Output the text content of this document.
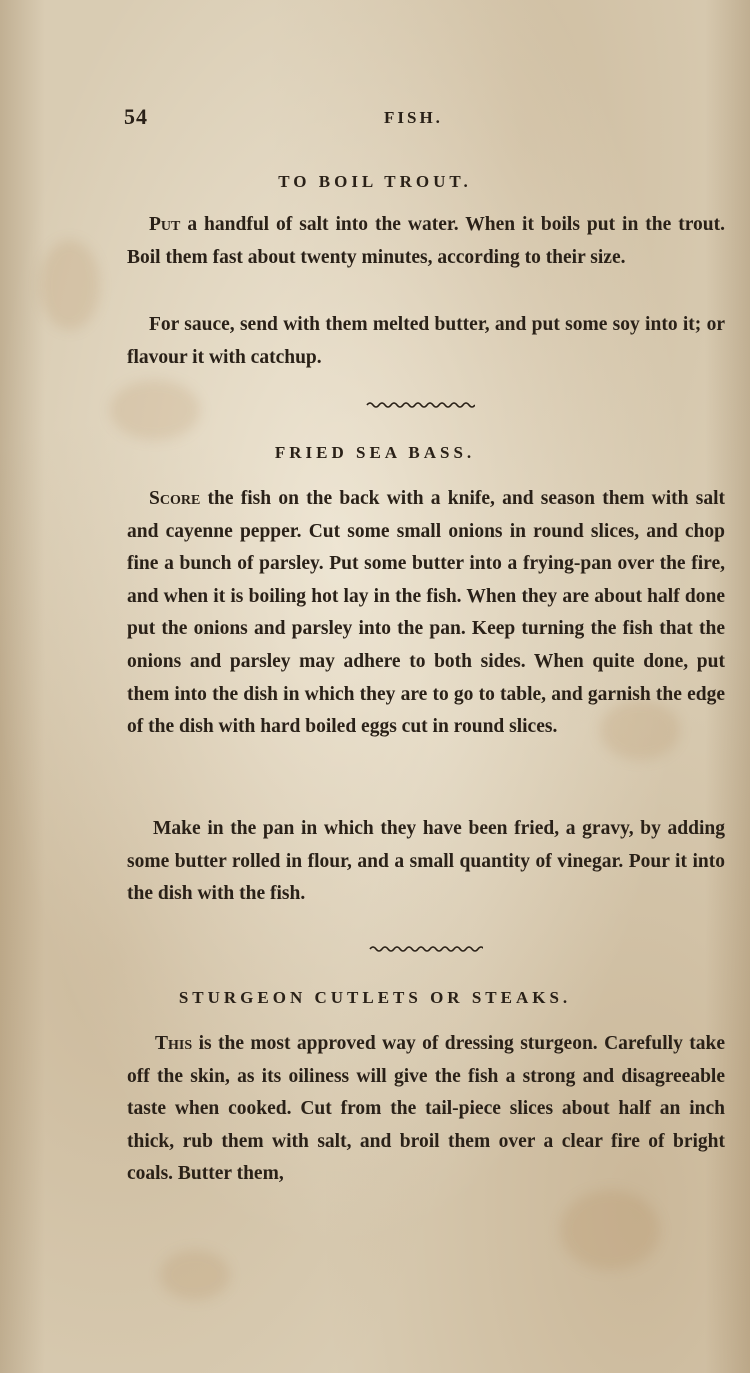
54	FISH.
TO BOIL TROUT.

Put a handful of salt into the water. When it boils put in the trout. Boil them fast about twenty minutes, according to their size.

For sauce, send with them melted butter, and put some soy into it; or flavour it with catchup.

FRIED SEA BASS.

Score the fish on the back with a knife, and season them with salt and cayenne pepper. Cut some small onions in round slices, and chop fine a bunch of parsley. Put some butter into a frying-pan over the fire, and when it is boiling hot lay in the fish. When they are about half done put the onions and parsley into the pan. Keep turning the fish that the onions and parsley may adhere to both sides. When quite done, put them into the dish in which they are to go to table, and garnish the edge of the dish with hard boiled eggs cut in round slices.

Make in the pan in which they have been fried, a gravy, by adding some butter rolled in flour, and a small quantity of vinegar. Pour it into the dish with the fish.

STURGEON CUTLETS OR STEAKS.

This is the most approved way of dressing sturgeon. Carefully take off the skin, as its oiliness will give the fish a strong and disagreeable taste when cooked. Cut from the tail-piece slices about half an inch thick, rub them with salt, and broil them over a clear fire of bright coals. Butter them,
